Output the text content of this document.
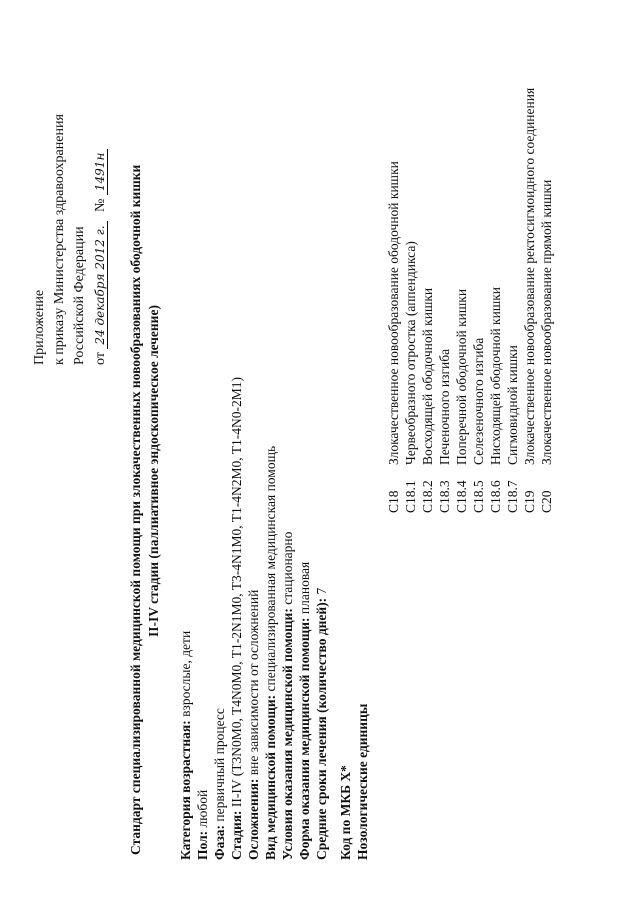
Приложение к приказу Министерства здравоохранения Российской Федерации от 24 декабря 2012 г. № 1491н Стандарт специализированной медицинской помощи при злокачественных новообразованиях ободочной кишки II-IV стадии (паллиативное эндоскопическое лечение)
Категория возрастная: взрослые, дети
Пол: любой
Фаза: первичный процесс
Стадия: II-IV (T3N0M0, T4N0M0, T1-2N1M0, T3-4N1M0, T1-4N2M0, T1-4N0-2M1)
Осложнения: вне зависимости от осложнений Вид медицинской помощи: специализированная медицинская помощь
Условия оказания медицинской помощи: стационарно
Форма оказания медицинской помощи: плановая
Средние сроки лечения (количество дней): 7
Код по МКБ X* Нозологические единицы
C18
Злокачественное новообразование ободочной кишки
C18.1
Червеобразного отростка (аппендикса)
C18.2
Восходящей ободочной кишки
C18.3
Печеночного изгиба
C18.4
Поперечной ободочной кишки
C18.5
Селезеночного изгиба
C18.6
Нисходящей ободочной кишки
C18.7
Сигмовидной кишки
C19
Злокачественное новообразование ректосигмоидного соединения
C20
Злокачественное новообразование прямой кишки
